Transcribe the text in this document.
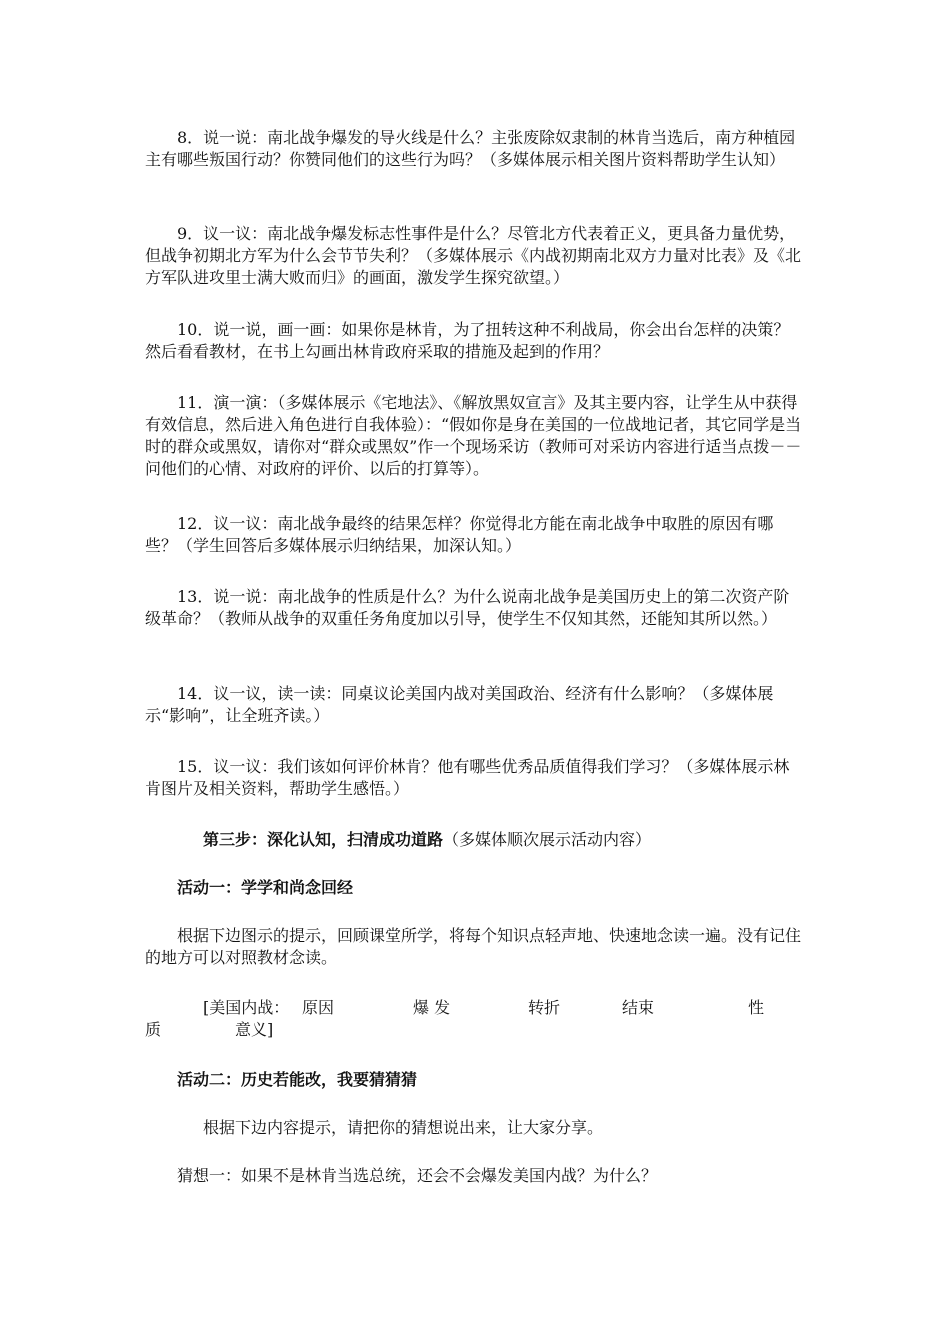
8．说一说：南北战争爆发的导火线是什么？主张废除奴隶制的林肯当选后，南方种植园主有哪些叛国行动？你赞同他们的这些行为吗？（多媒体展示相关图片资料帮助学生认知）

9．议一议：南北战争爆发标志性事件是什么？尽管北方代表着正义，更具备力量优势，但战争初期北方军为什么会节节失利？（多媒体展示《内战初期南北双方力量对比表》及《北方军队进攻里士满大败而归》的画面，激发学生探究欲望。）

10．说一说，画一画：如果你是林肯，为了扭转这种不利战局，你会出台怎样的决策？然后看看教材，在书上勾画出林肯政府采取的措施及起到的作用？

11．演一演：（多媒体展示《宅地法》、《解放黑奴宣言》及其主要内容，让学生从中获得有效信息，然后进入角色进行自我体验）：“假如你是身在美国的一位战地记者，其它同学是当时的群众或黑奴，请你对“群众或黑奴”作一个现场采访（教师可对采访内容进行适当点拨－－问他们的心情、对政府的评价、以后的打算等）。

12．议一议：南北战争最终的结果怎样？你觉得北方能在南北战争中取胜的原因有哪些？（学生回答后多媒体展示归纳结果，加深认知。）

13．说一说：南北战争的性质是什么？为什么说南北战争是美国历史上的第二次资产阶级革命？（教师从战争的双重任务角度加以引导，使学生不仅知其然，还能知其所以然。）

14．议一议，读一读：同桌议论美国内战对美国政治、经济有什么影响？（多媒体展示“影响”，让全班齐读。）

15．议一议：我们该如何评价林肯？他有哪些优秀品质值得我们学习？（多媒体展示林肯图片及相关资料，帮助学生感悟。）

第三步：深化认知，扫清成功道路（多媒体顺次展示活动内容）

活动一：学学和尚念回经

根据下边图示的提示，回顾课堂所学，将每个知识点轻声地、快速地念读一遍。没有记住的地方可以对照教材念读。

[美国内战： 原因	爆 发	转折	结束	性
质	意义]

活动二：历史若能改，我要猜猜猜

根据下边内容提示，请把你的猜想说出来，让大家分享。

猜想一：如果不是林肯当选总统，还会不会爆发美国内战？为什么？
